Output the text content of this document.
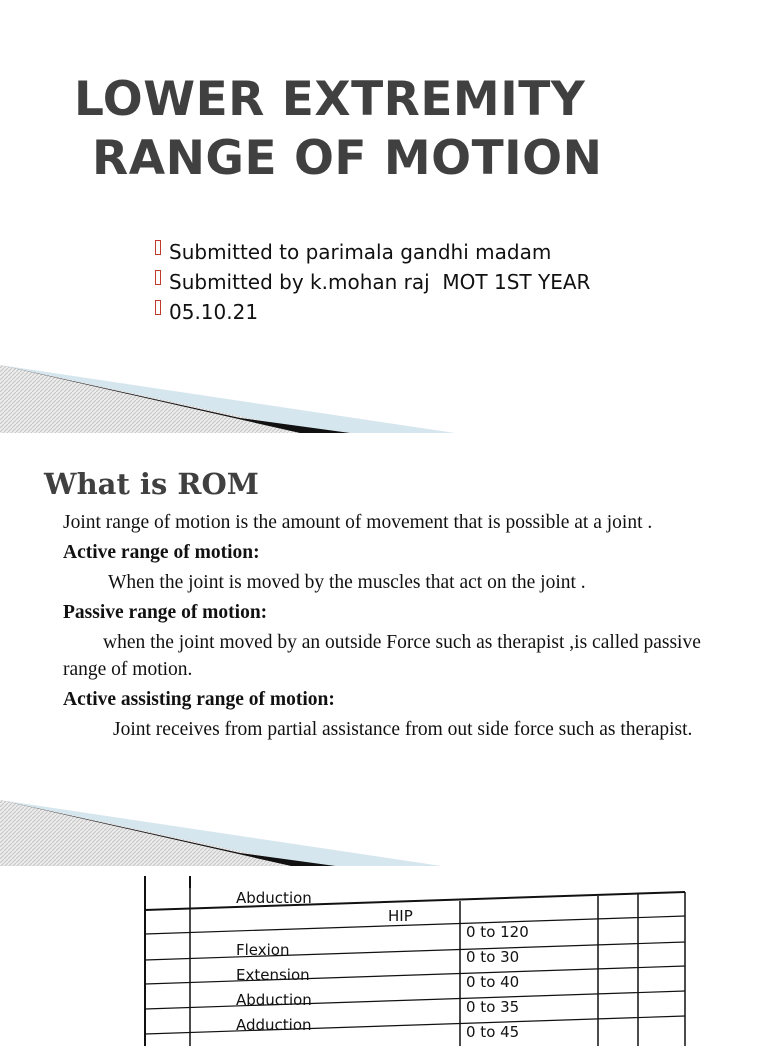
LOWER EXTREMITY
RANGE OF MOTION
Submitted to parimala gandhi madam
Submitted by k.mohan raj  MOT 1ST YEAR
05.10.21
What is ROM

Joint range of motion is the amount of movement that is possible at a joint .

Active range of motion:

When the joint is moved by the muscles that act on the joint .

Passive range of motion:

when the joint moved by an outside Force such as therapist ,is called passive range of motion.

Active assisting range of motion:

Joint receives from partial assistance from out side force such as therapist.

Abduction
HIP
Flexion
0 to 120
Extension
0 to 30
Abduction
0 to 40
Adduction
0 to 35
0 to 45
